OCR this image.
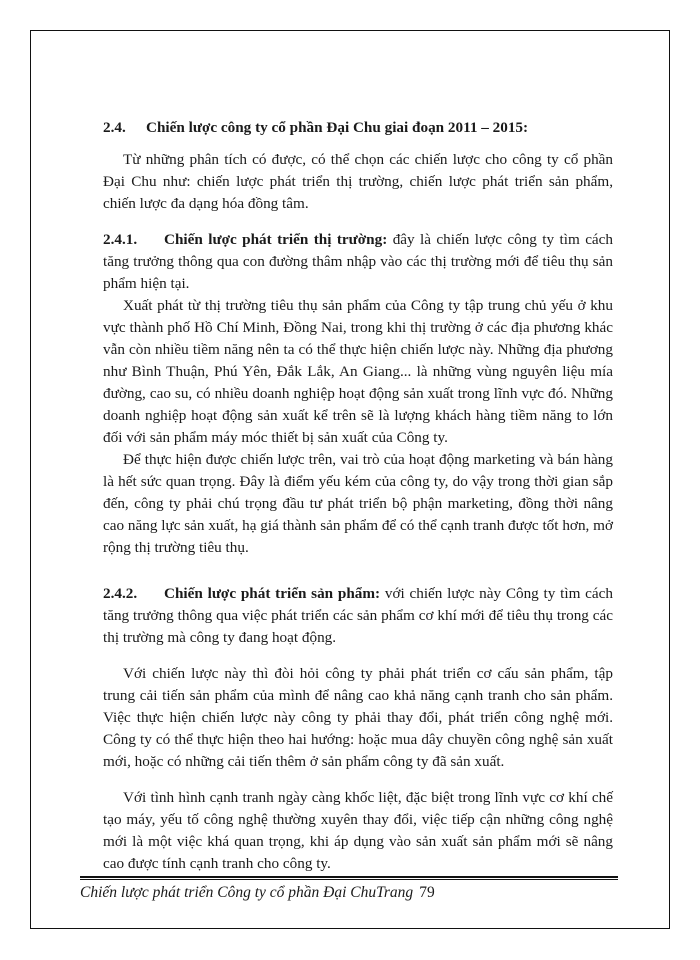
2.4. Chiến lược công ty cổ phần Đại Chu giai đoạn 2011 – 2015:

Từ những phân tích có được, có thể chọn các chiến lược cho công ty cổ phần Đại Chu như: chiến lược phát triển thị trường, chiến lược phát triển sản phẩm, chiến lược đa dạng hóa đồng tâm.

2.4.1. Chiến lược phát triển thị trường: đây là chiến lược công ty tìm cách tăng trưởng thông qua con đường thâm nhập vào các thị trường mới để tiêu thụ sản phẩm hiện tại.

Xuất phát từ thị trường tiêu thụ sản phẩm của Công ty tập trung chủ yếu ở khu vực thành phố Hồ Chí Minh, Đồng Nai, trong khi thị trường ở các địa phương khác vẫn còn nhiều tiềm năng nên ta có thể thực hiện chiến lược này. Những địa phương như Bình Thuận, Phú Yên, Đắk Lắk, An Giang... là những vùng nguyên liệu mía đường, cao su, có nhiều doanh nghiệp hoạt động sản xuất trong lĩnh vực đó. Những doanh nghiệp hoạt động sản xuất kể trên sẽ là lượng khách hàng tiềm năng to lớn đối với sản phẩm máy móc thiết bị sản xuất của Công ty.

Để thực hiện được chiến lược trên, vai trò của hoạt động marketing và bán hàng là hết sức quan trọng. Đây là điểm yếu kém của công ty, do vậy trong thời gian sắp đến, công ty phải chú trọng đầu tư phát triển bộ phận marketing, đồng thời nâng cao năng lực sản xuất, hạ giá thành sản phẩm để có thể cạnh tranh được tốt hơn, mở rộng thị trường tiêu thụ.

2.4.2. Chiến lược phát triển sản phẩm: với chiến lược này Công ty tìm cách tăng trưởng thông qua việc phát triển các sản phẩm cơ khí mới để tiêu thụ trong các thị trường mà công ty đang hoạt động.

Với chiến lược này thì đòi hỏi công ty phải phát triển cơ cấu sản phẩm, tập trung cải tiến sản phẩm của mình để nâng cao khả năng cạnh tranh cho sản phẩm. Việc thực hiện chiến lược này công ty phải thay đổi, phát triển công nghệ mới. Công ty có thể thực hiện theo hai hướng: hoặc mua dây chuyền công nghệ sản xuất mới, hoặc có những cải tiến thêm ở sản phẩm công ty đã sản xuất.

Với tình hình cạnh tranh ngày càng khốc liệt, đặc biệt trong lĩnh vực cơ khí chế tạo máy, yếu tố công nghệ thường xuyên thay đổi, việc tiếp cận những công nghệ mới là một việc khá quan trọng, khi áp dụng vào sản xuất sản phẩm mới sẽ nâng cao được tính cạnh tranh cho công ty.

Chiến lược phát triển Công ty cổ phần Đại ChuTrang 79
